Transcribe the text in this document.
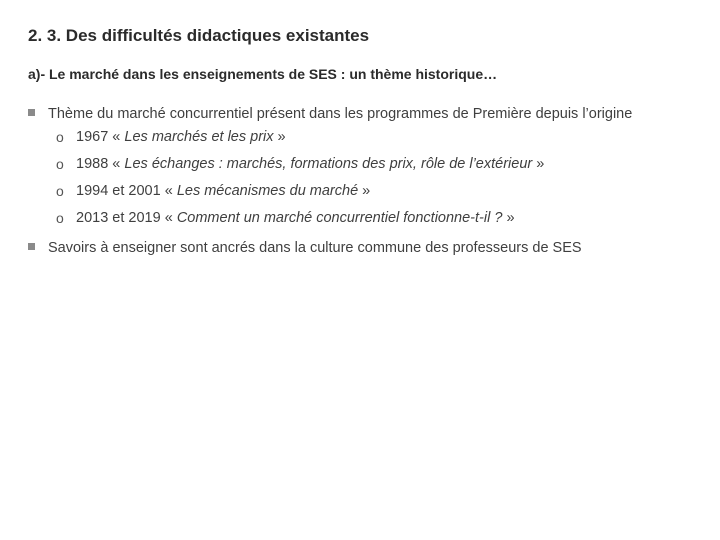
2. 3. Des difficultés didactiques existantes
a)- Le marché dans les enseignements de SES : un thème historique…
Thème du marché concurrentiel présent dans les programmes de Première depuis l’origine
o 1967 « Les marchés et les prix »
o 1988 « Les échanges : marchés, formations des prix, rôle de l’extérieur »
o 1994 et 2001 « Les mécanismes du marché »
o 2013 et 2019 « Comment un marché concurrentiel fonctionne-t-il ? »
Savoirs à enseigner sont ancrés dans la culture commune des professeurs de SES
